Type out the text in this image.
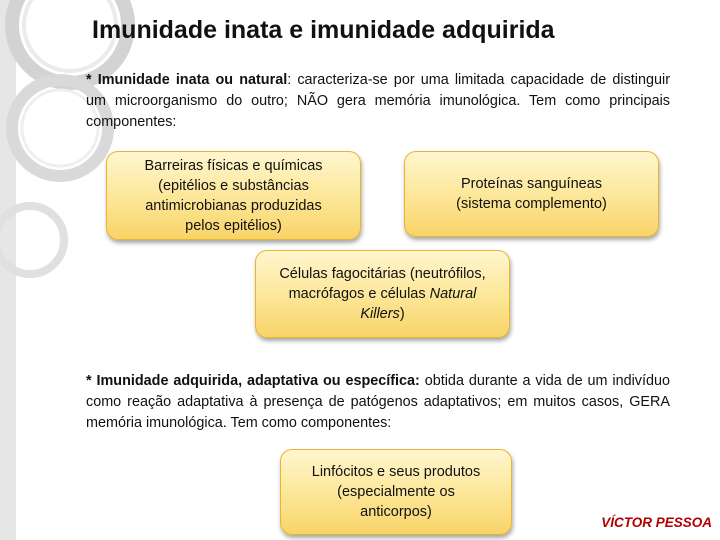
Imunidade inata e imunidade adquirida
* Imunidade inata ou natural: caracteriza-se por uma limitada capacidade de distinguir um microorganismo do outro; NÃO gera memória imunológica. Tem como principais componentes:
Barreiras físicas e químicas
(epitélios e substâncias
antimicrobianas produzidas
pelos epitélios)
Proteínas sanguíneas
(sistema complemento)
Células fagocitárias (neutrófilos,
macrófagos e células Natural
Killers)
* Imunidade adquirida, adaptativa ou específica: obtida durante a vida de um indivíduo como reação adaptativa à presença de patógenos adaptativos; em muitos casos, GERA memória imunológica. Tem como componentes:
Linfócitos e seus produtos
(especialmente os
anticorpos)
VÍCTOR PESSOA
